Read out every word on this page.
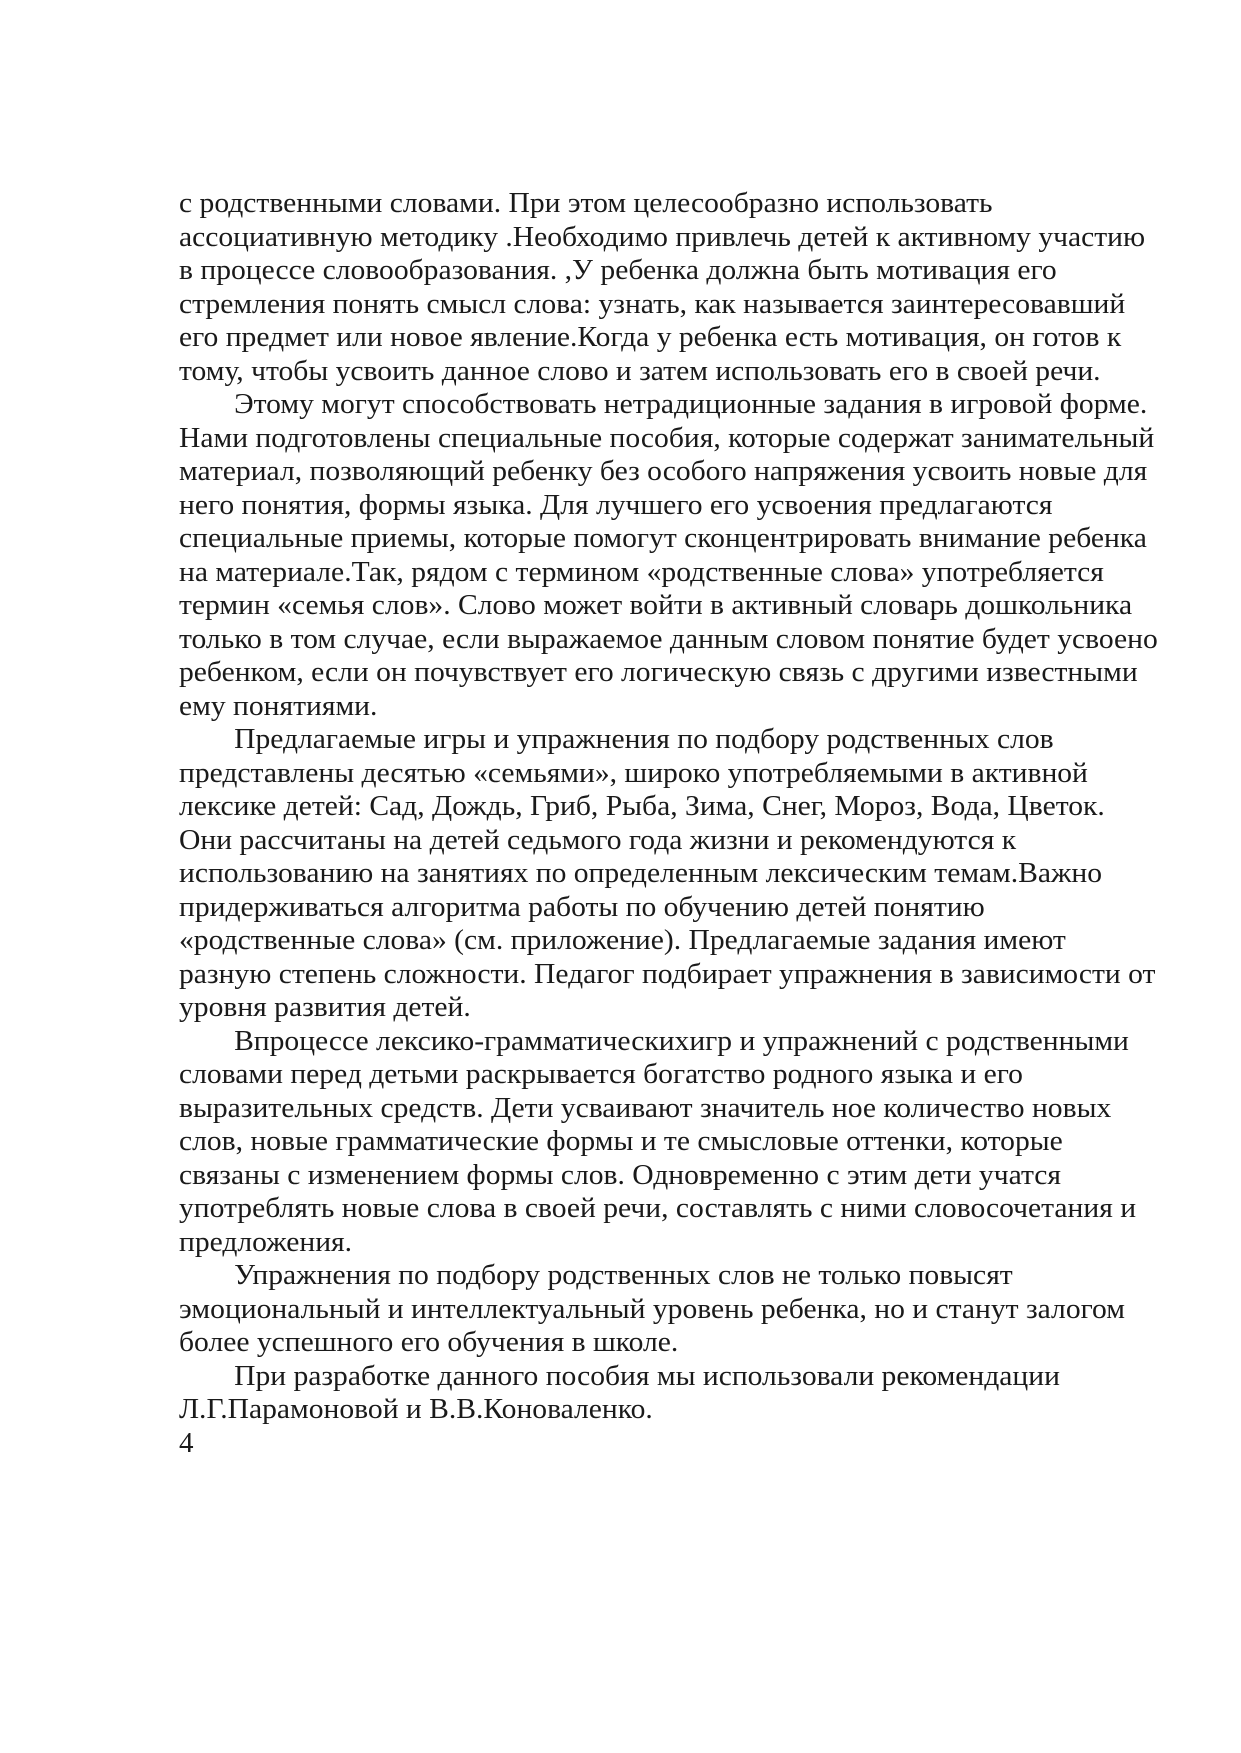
с родственными словами. При этом целесообразно использовать
ассоциативную методику .Необходимо привлечь детей к активному участию
в процессе словообразования. ,У ребенка должна быть мотивация его
стремления понять смысл слова: узнать, как называется заинтересовавший
его предмет или новое явление.Когда у ребенка есть мотивация, он готов к
тому, чтобы усвоить данное слово и затем использовать его в своей речи.
Этому могут способствовать нетрадиционные задания в игровой форме.
Нами подготовлены специальные пособия, которые содержат занимательный
материал, позволяющий ребенку без особого напряжения усвоить новые для
него понятия, формы языка. Для лучшего его усвоения предлагаются
специальные приемы, которые помогут сконцентрировать внимание ребенка
на материале.Так, рядом с термином «родственные слова» употребляется
термин «семья слов». Слово может войти в активный словарь дошкольника
только в том случае, если выражаемое данным словом понятие будет усвоено
ребенком, если он почувствует его логическую связь с другими известными
ему понятиями.
Предлагаемые игры и упражнения по подбору родственных слов
представлены десятью «семьями», широко употребляемыми в активной
лексике детей: Сад, Дождь, Гриб, Рыба, Зима, Снег, Мороз, Вода, Цветок.
Они рассчитаны на детей седьмого года жизни и рекомендуются к
использованию на занятиях по определенным лексическим темам.Важно
придерживаться алгоритма работы по обучению детей понятию
«родственные слова» (см. приложение). Предлагаемые задания имеют
разную степень сложности. Педагог подбирает упражнения в зависимости от
уровня развития детей.
Впроцессе лексико-грамматическихигр и упражнений с родственными
словами перед детьми раскрывается богатство родного языка и его
выразительных средств. Дети усваивают значитель ное количество новых
слов, новые грамматические формы и те смысловые оттенки, которые
связаны с изменением формы слов. Одновременно с этим дети учатся
употреблять новые слова в своей речи, составлять с ними словосочетания и
предложения.
Упражнения по подбору родственных слов не только повысят
эмоциональный и интеллектуальный уровень ребенка, но и станут залогом
более успешного его обучения в школе.
При разработке данного пособия мы использовали рекомендации
Л.Г.Парамоновой и В.В.Коноваленко.
4
